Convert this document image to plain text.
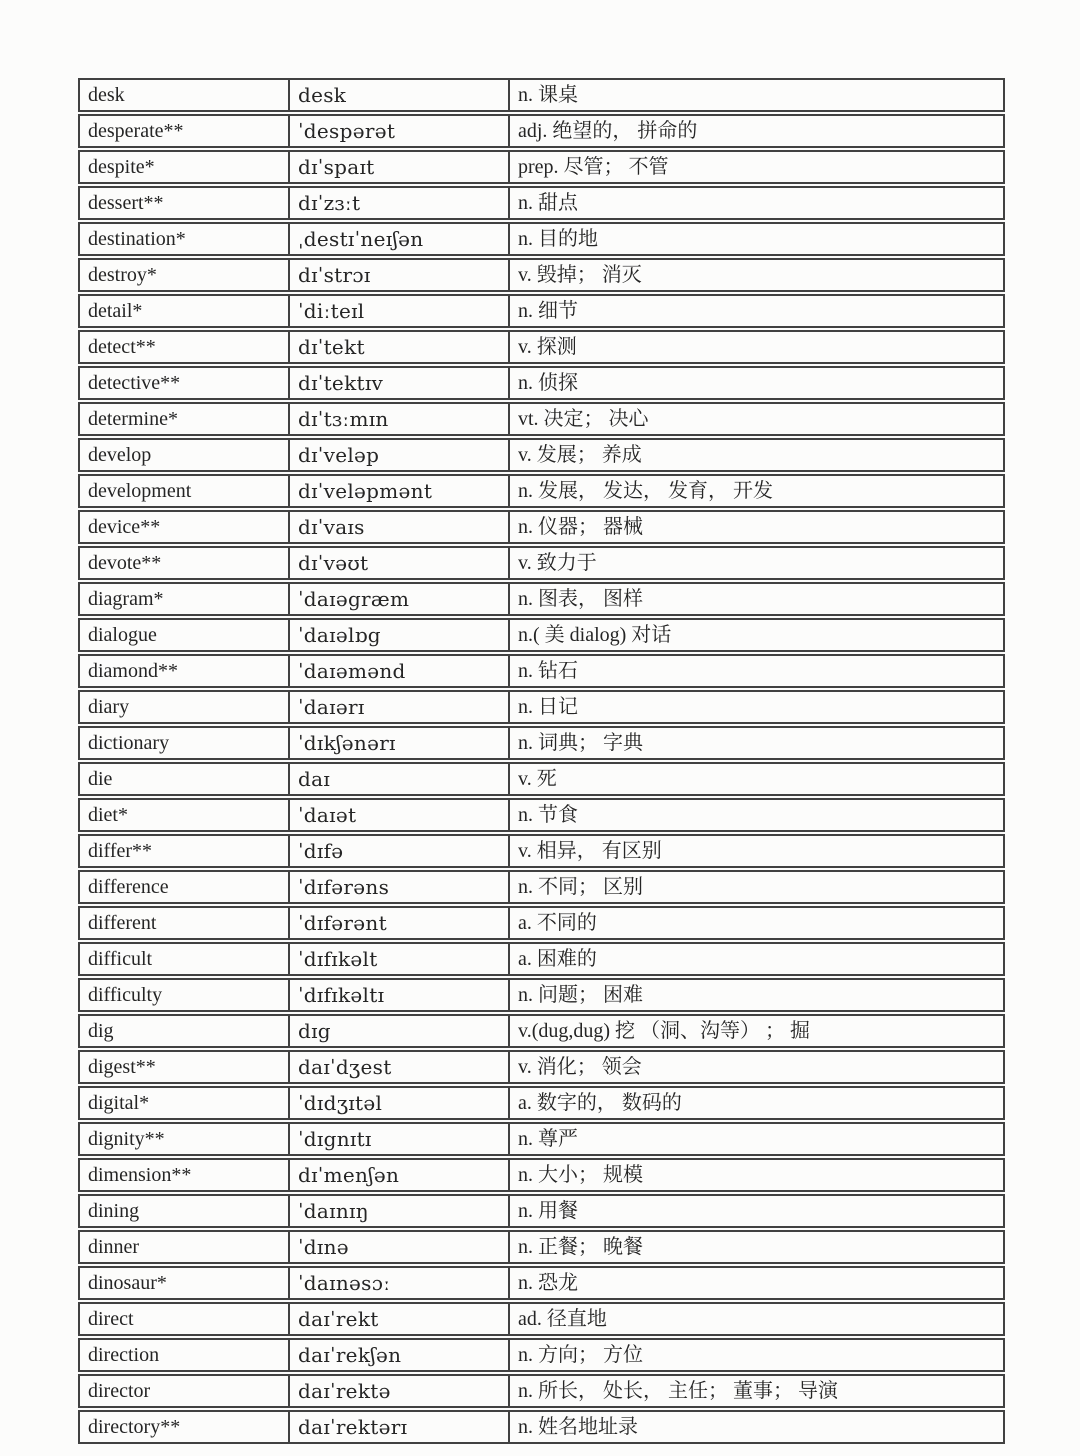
desk	desk	n. 课桌
desperate**	ˈdespərət	adj. 绝望的， 拼命的
despite*	dɪˈspaɪt	prep. 尽管； 不管
dessert**	dɪˈzɜːt	n. 甜点
destination*	ˌdestɪˈneɪʃən	n. 目的地
destroy*	dɪˈstrɔɪ	v. 毁掉； 消灭
detail*	ˈdiːteɪl	n. 细节
detect**	dɪˈtekt	v. 探测
detective**	dɪˈtektɪv	n. 侦探
determine*	dɪˈtɜːmɪn	vt. 决定； 决心
develop	dɪˈveləp	v. 发展； 养成
development	dɪˈveləpmənt	n. 发展， 发达， 发育， 开发
device**	dɪˈvaɪs	n. 仪器； 器械
devote**	dɪˈvəʊt	v. 致力于
diagram*	ˈdaɪəgræm	n. 图表， 图样
dialogue	ˈdaɪəlɒg	n.( 美 dialog) 对话
diamond**	ˈdaɪəmənd	n. 钻石
diary	ˈdaɪərɪ	n. 日记
dictionary	ˈdɪkʃənərɪ	n. 词典； 字典
die	daɪ	v. 死
diet*	ˈdaɪət	n. 节食
differ**	ˈdɪfə	v. 相异， 有区别
difference	ˈdɪfərəns	n. 不同； 区别
different	ˈdɪfərənt	a. 不同的
difficult	ˈdɪfɪkəlt	a. 困难的
difficulty	ˈdɪfɪkəltɪ	n. 问题； 困难
dig	dɪg	v.(dug,dug) 挖 （洞、沟等） ； 掘
digest**	daɪˈdʒest	v. 消化； 领会
digital*	ˈdɪdʒɪtəl	a. 数字的， 数码的
dignity**	ˈdɪgnɪtɪ	n. 尊严
dimension**	dɪˈmenʃən	n. 大小； 规模
dining	ˈdaɪnɪŋ	n. 用餐
dinner	ˈdɪnə	n. 正餐； 晚餐
dinosaur*	ˈdaɪnəsɔː	n. 恐龙
direct	daɪˈrekt	ad. 径直地
direction	daɪˈrekʃən	n. 方向； 方位
director	daɪˈrektə	n. 所长， 处长， 主任； 董事； 导演
directory**	daɪˈrektərɪ	n. 姓名地址录
